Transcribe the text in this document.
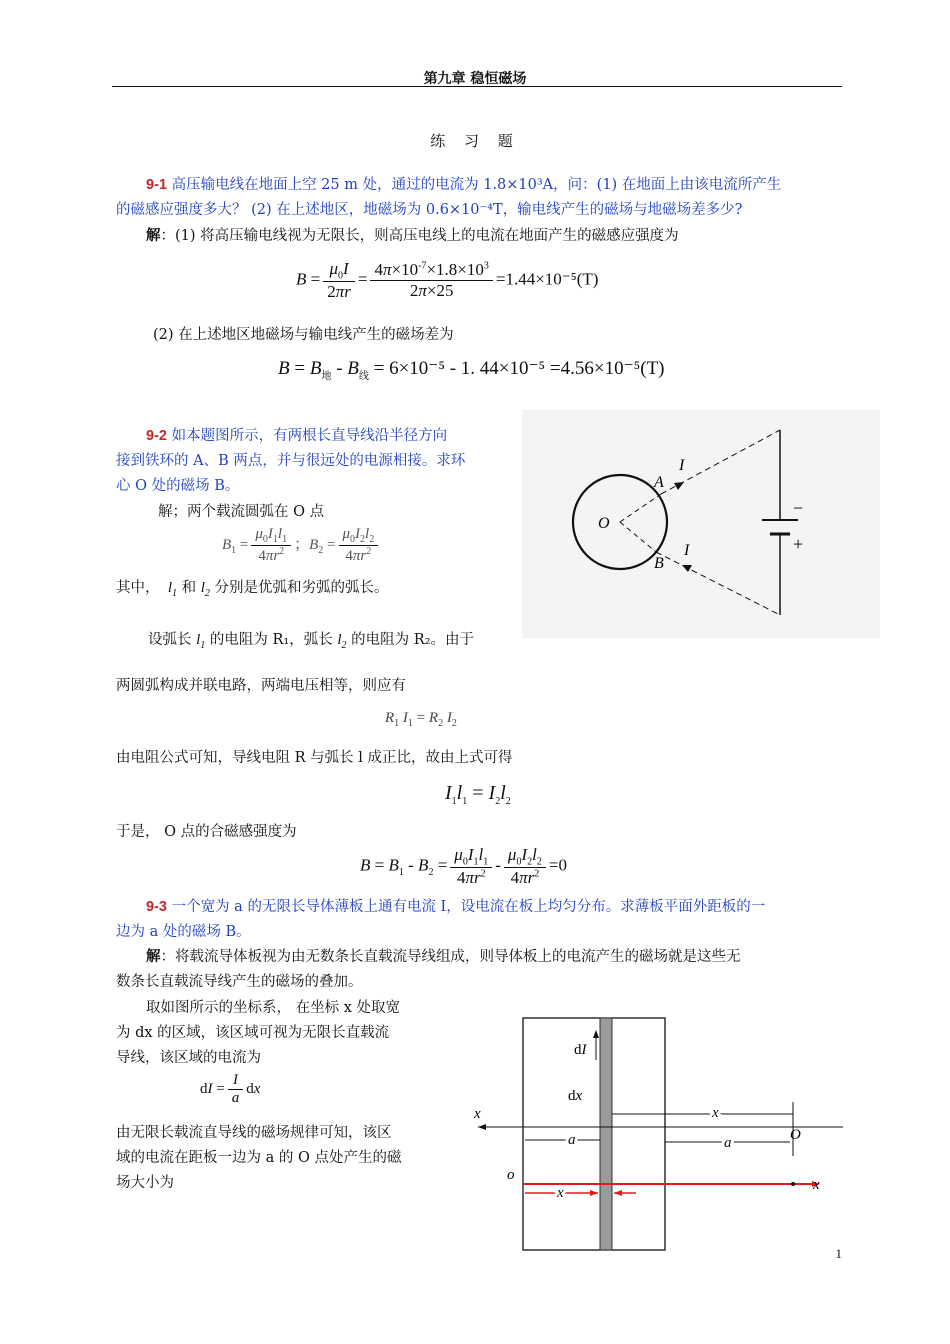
第九章 稳恒磁场
练 习 题
9-1 高压输电线在地面上空 25 m 处，通过的电流为 1.8×10³A，问：(1) 在地面上由该电流所产生
的磁感应强度多大？ (2) 在上述地区，地磁场为 0.6×10⁻⁴T，输电线产生的磁场与地磁场差多少?
解：(1) 将高压输电线视为无限长，则高压电线上的电流在地面产生的磁感应强度为
$B = \frac{\mu_0I}{2\pi r} = \frac{4\pi\times 10^{-7}\times 1.8\times 10^3}{2\pi\times 25} =1.44\times 10^{-5}(T)$
(2) 在上述地区地磁场与输电线产生的磁场差为
$B = B_地 - B_线 = 6\times 10^{-5} - 1$. 44×10⁻⁵ =4.56×10⁻⁵(T)
O
A
B
I
I
−
+
9-2 如本题图所示，有两根长直导线沿半径方向
接到铁环的 A、B 两点，并与很远处的电源相接。求环
心 O 处的磁场 B。
解；两个载流圆弧在 O 点
$B_1 = \frac{\mu_0I_1l_1}{4\pi r^2}$ ；$B_2 = \frac{\mu_0I_2l_2}{4\pi r^2}$
其中，  $l_1$ 和 $l_2$ 分别是优弧和劣弧的弧长。
设弧长 $l_1$ 的电阻为 R₁，弧长 $l_2$ 的电阻为 R₂。由于
两圆弧构成并联电路，两端电压相等，则应有
$R_1$ $I_1 = R_2$ $I_2$
由电阻公式可知，导线电阻 R 与弧长 l 成正比，故由上式可得
$I_1l_1 = I_2l_2$
于是， O 点的合磁感强度为
$B = B_1 - B_2 = \frac{\mu_0I_1l_1}{4\pi r^2} - \frac{\mu_0I_2l_2}{4\pi r^2} =0$
9-3 一个宽为 a 的无限长导体薄板上通有电流 I，设电流在板上均匀分布。求薄板平面外距板的一
边为 a 处的磁场 B。
解：将载流导体板视为由无数条长直载流导线组成，则导体板上的电流产生的磁场就是这些无
数条长直载流导线产生的磁场的叠加。
取如图所示的坐标系， 在坐标 x 处取宽
为 dx 的区域，该区域可视为无限长直载流
导线，该区域的电流为
dI = $\frac{I}{a}$ dx
由无限长载流直导线的磁场规律可知，该区
域的电流在距板一边为 a 的 O 点处产生的磁
场大小为
dI
dx
x	x
a	a	O
o
x
x
1
